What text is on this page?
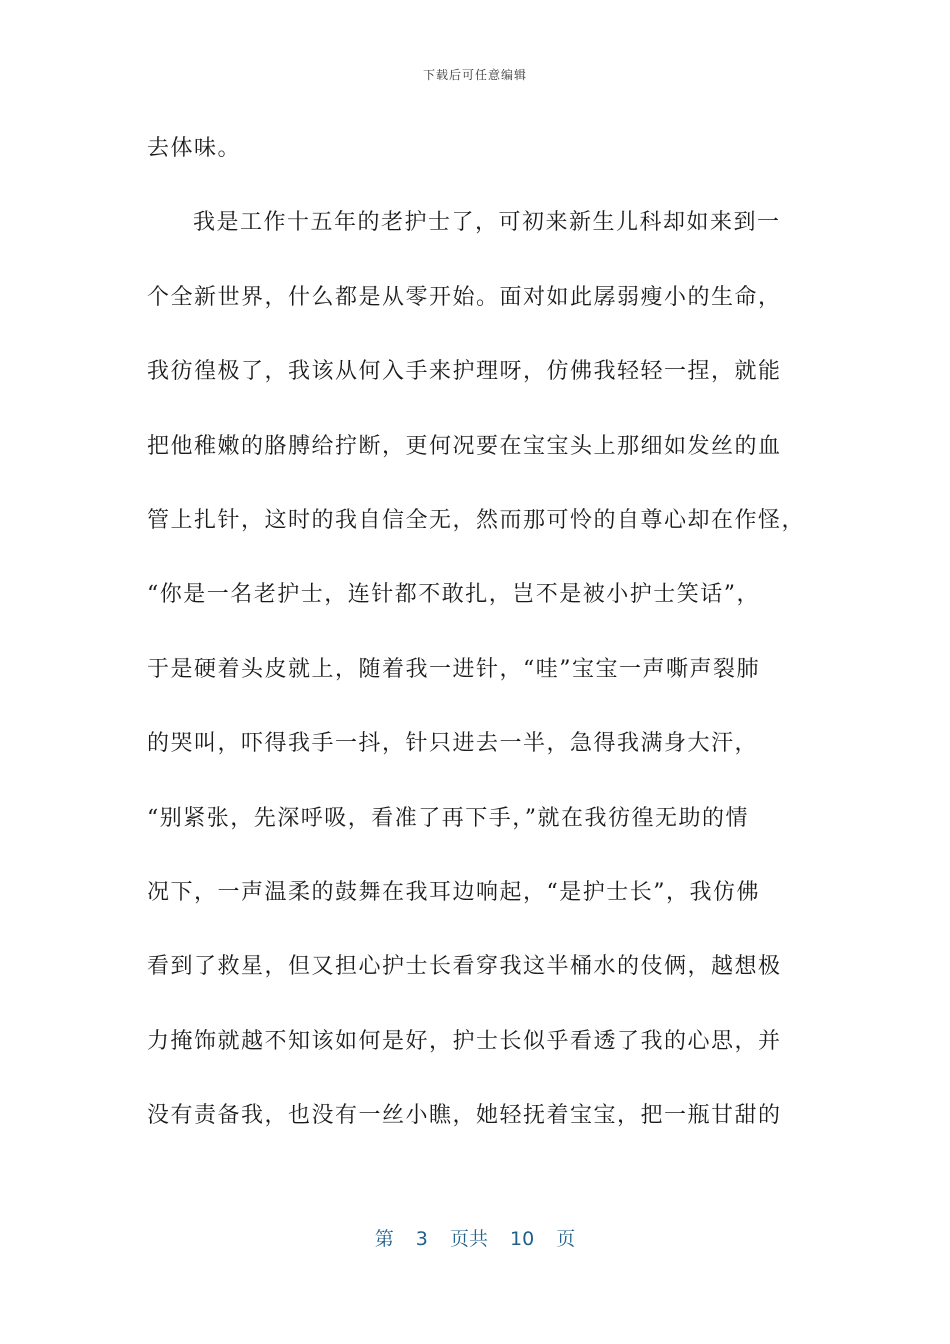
下载后可任意编辑
去体味。
我是工作十五年的老护士了，可初来新生儿科却如来到一
个全新世界，什么都是从零开始。面对如此孱弱瘦小的生命，
我彷徨极了，我该从何入手来护理呀，仿佛我轻轻一捏，就能
把他稚嫩的胳膊给拧断，更何况要在宝宝头上那细如发丝的血
管上扎针，这时的我自信全无，然而那可怜的自尊心却在作怪，
“你是一名老护士，连针都不敢扎，岂不是被小护士笑话”，
于是硬着头皮就上，随着我一进针，“哇”宝宝一声嘶声裂肺
的哭叫，吓得我手一抖，针只进去一半，急得我满身大汗，
“别紧张，先深呼吸，看准了再下手，”就在我彷徨无助的情
况下，一声温柔的鼓舞在我耳边响起，“是护士长”，我仿佛
看到了救星，但又担心护士长看穿我这半桶水的伎俩，越想极
力掩饰就越不知该如何是好，护士长似乎看透了我的心思，并
没有责备我，也没有一丝小瞧，她轻抚着宝宝，把一瓶甘甜的
第 3 页共 10 页
